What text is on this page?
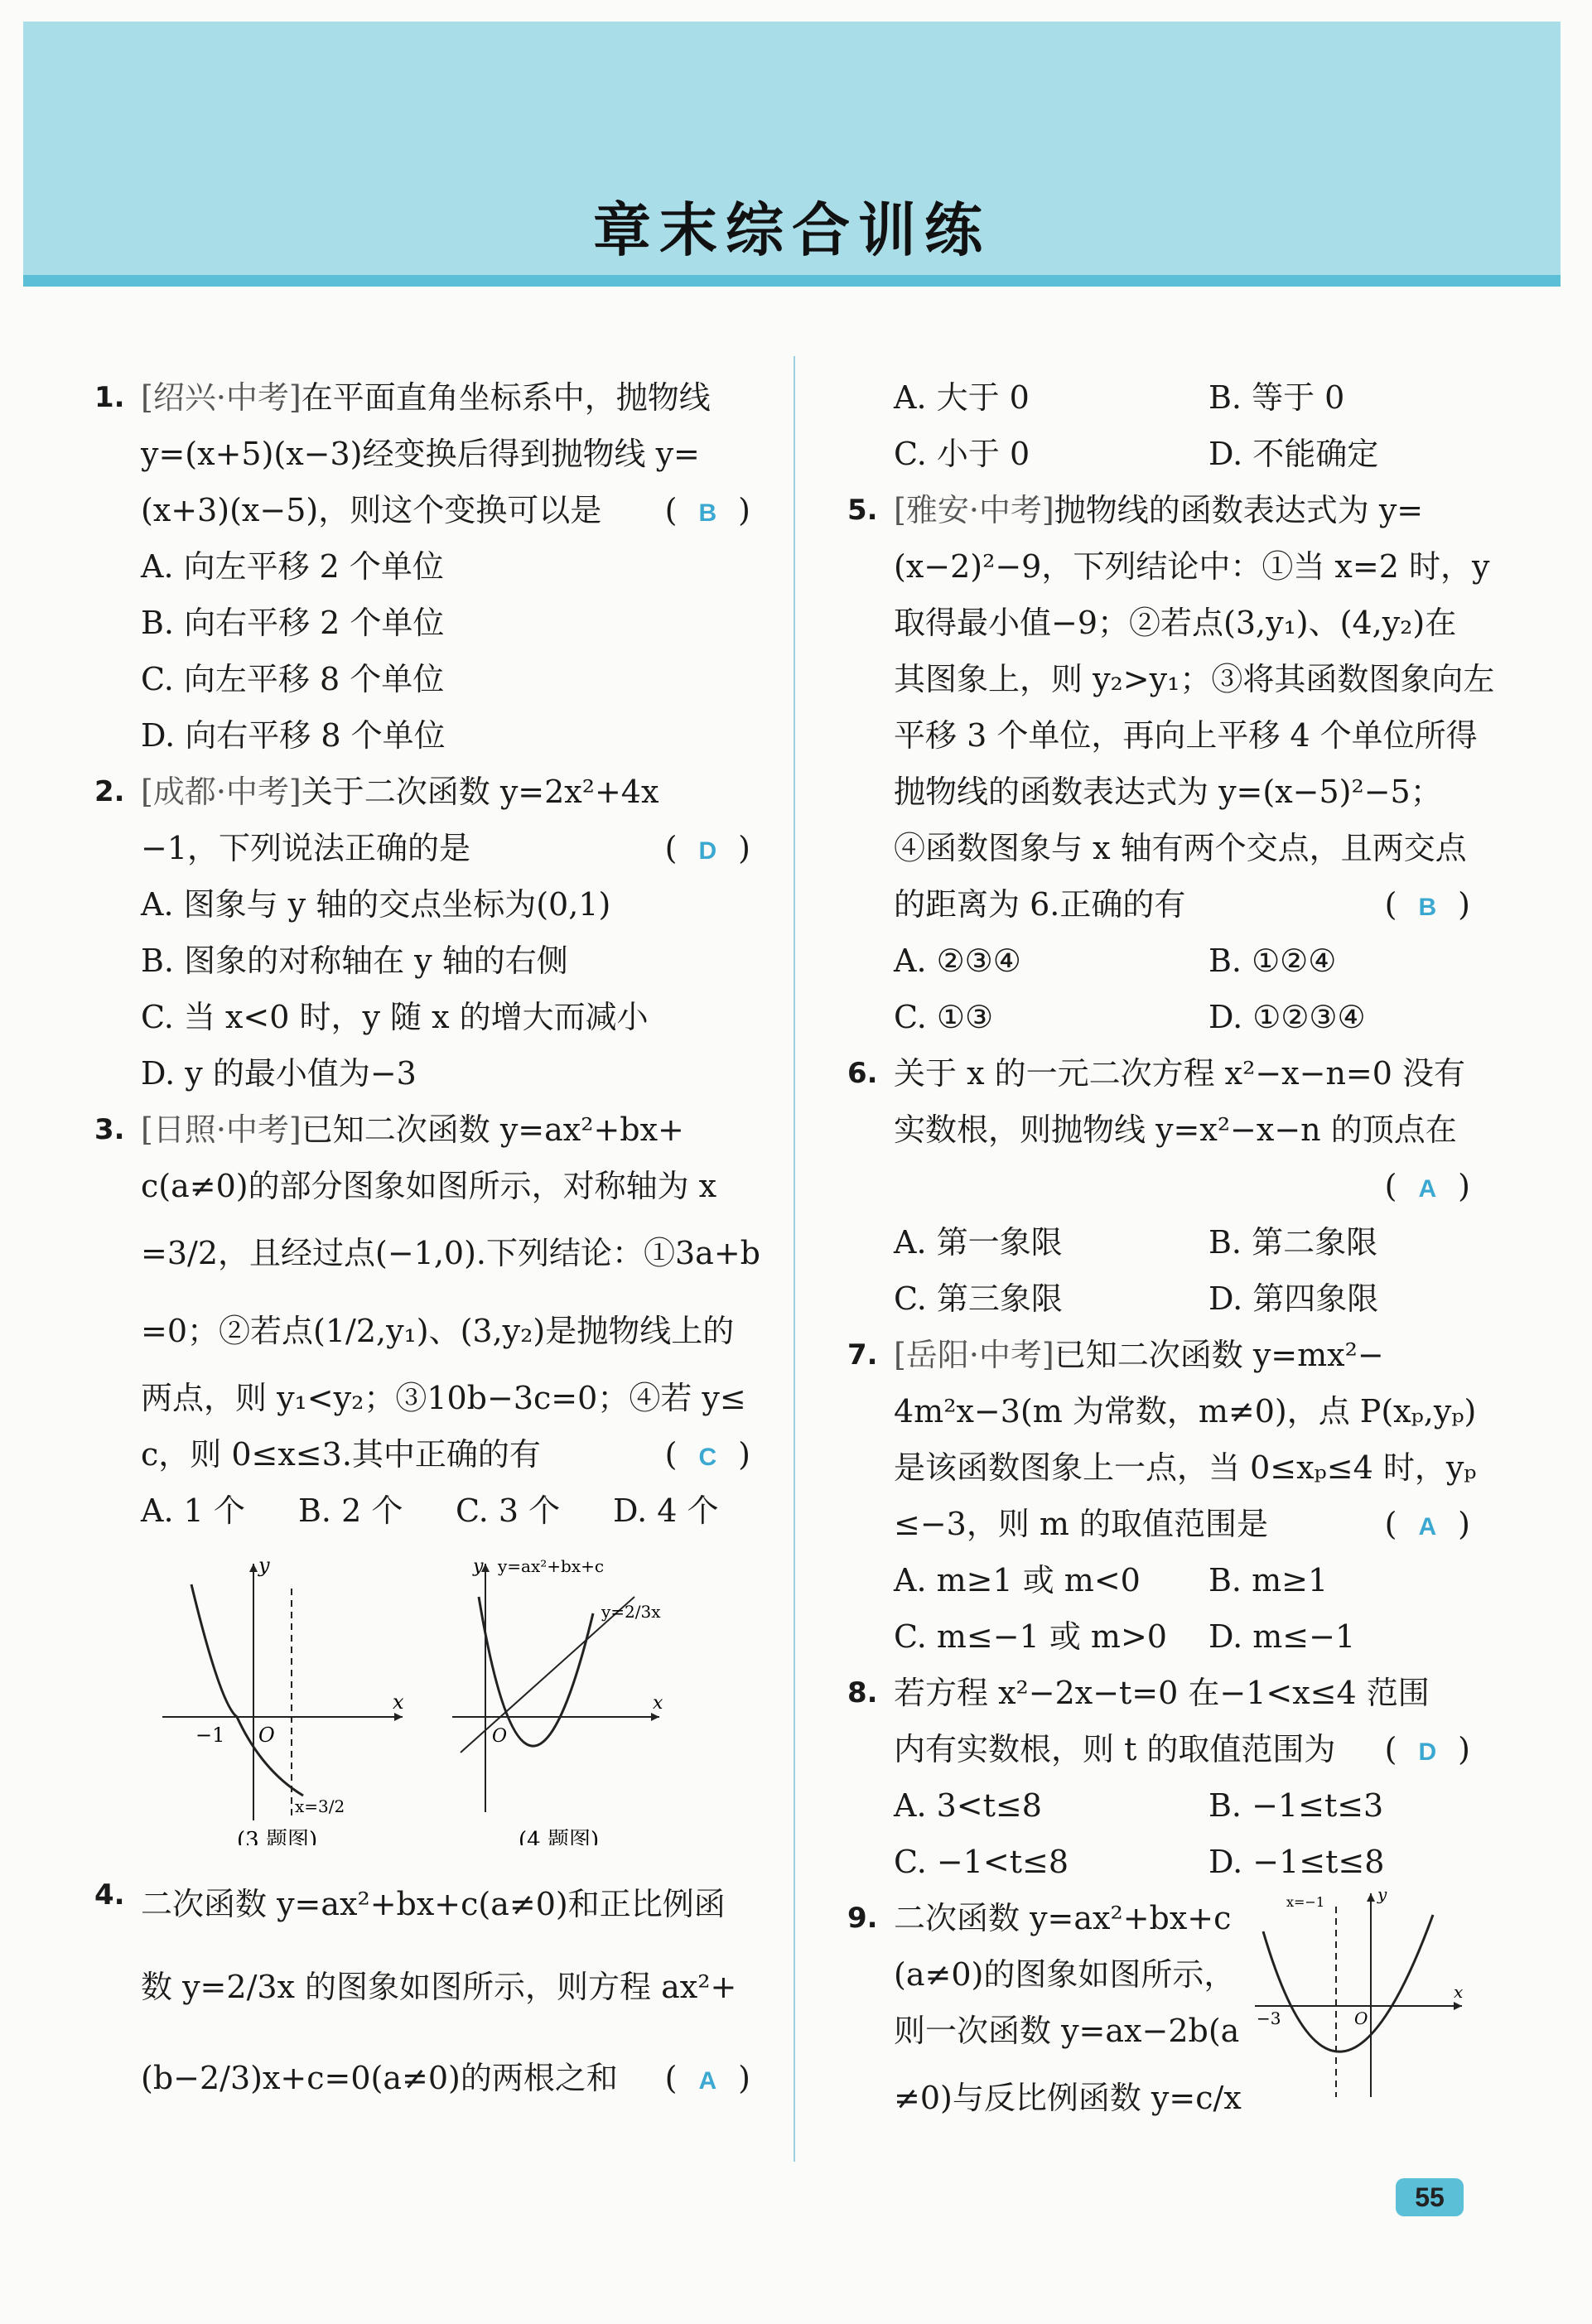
章末综合训练
1. [绍兴·中考]在平面直角坐标系中，抛物线
y=(x+5)(x−3)经变换后得到抛物线 y=
(x+3)(x−5)，则这个变换可以是 ( B )
A. 向左平移 2 个单位
B. 向右平移 2 个单位
C. 向左平移 8 个单位
D. 向右平移 8 个单位
2. [成都·中考]关于二次函数 y=2x²+4x
−1，下列说法正确的是	( D )
A. 图象与 y 轴的交点坐标为(0,1)
B. 图象的对称轴在 y 轴的右侧
C. 当 x<0 时，y 随 x 的增大而减小
D. y 的最小值为−3
3. [日照·中考]已知二次函数 y=ax²+bx+
c(a≠0)的部分图象如图所示，对称轴为 x
=3/2，且经过点(−1,0).下列结论：①3a+b
=0；②若点(1/2,y₁)、(3,y₂)是抛物线上的
两点，则 y₁<y₂；③10b−3c=0；④若 y≤
c，则 0≤x≤3.其中正确的有	( C )
A. 1 个	B. 2 个	C. 3 个	D. 4 个
y
x
O
−1
x=3/2
(3 题图)
y
x
O
y=ax²+bx+c
y=2/3x
(4 题图)
4. 二次函数 y=ax²+bx+c(a≠0)和正比例函
数 y=2/3x 的图象如图所示，则方程 ax²+
(b−2/3)x+c=0(a≠0)的两根之和 ( A )
A. 大于 0	B. 等于 0
C. 小于 0	D. 不能确定
5. [雅安·中考]抛物线的函数表达式为 y=
(x−2)²−9，下列结论中：①当 x=2 时，y
取得最小值−9；②若点(3,y₁)、(4,y₂)在
其图象上，则 y₂>y₁；③将其函数图象向左
平移 3 个单位，再向上平移 4 个单位所得
抛物线的函数表达式为 y=(x−5)²−5；
④函数图象与 x 轴有两个交点，且两交点
的距离为 6.正确的有	( B )
A. ②③④	B. ①②④
C. ①③	D. ①②③④
6. 关于 x 的一元二次方程 x²−x−n=0 没有
实数根，则抛物线 y=x²−x−n 的顶点在

( A )
A. 第一象限	B. 第二象限
C. 第三象限	D. 第四象限
7. [岳阳·中考]已知二次函数 y=mx²−
4m²x−3(m 为常数，m≠0)，点 P(xₚ,yₚ)
是该函数图象上一点，当 0≤xₚ≤4 时，yₚ
≤−3，则 m 的取值范围是	( A )
A. m≥1 或 m<0	B. m≥1
C. m≤−1 或 m>0	D. m≤−1
8. 若方程 x²−2x−t=0 在−1<x≤4 范围
内有实数根，则 t 的取值范围为 ( D )
A. 3<t≤8	B. −1≤t≤3
C. −1<t≤8	D. −1≤t≤8
9. 二次函数 y=ax²+bx+c
(a≠0)的图象如图所示，
则一次函数 y=ax−2b(a
≠0)与反比例函数 y=c/x
y
x
O
−3
x=−1
55
